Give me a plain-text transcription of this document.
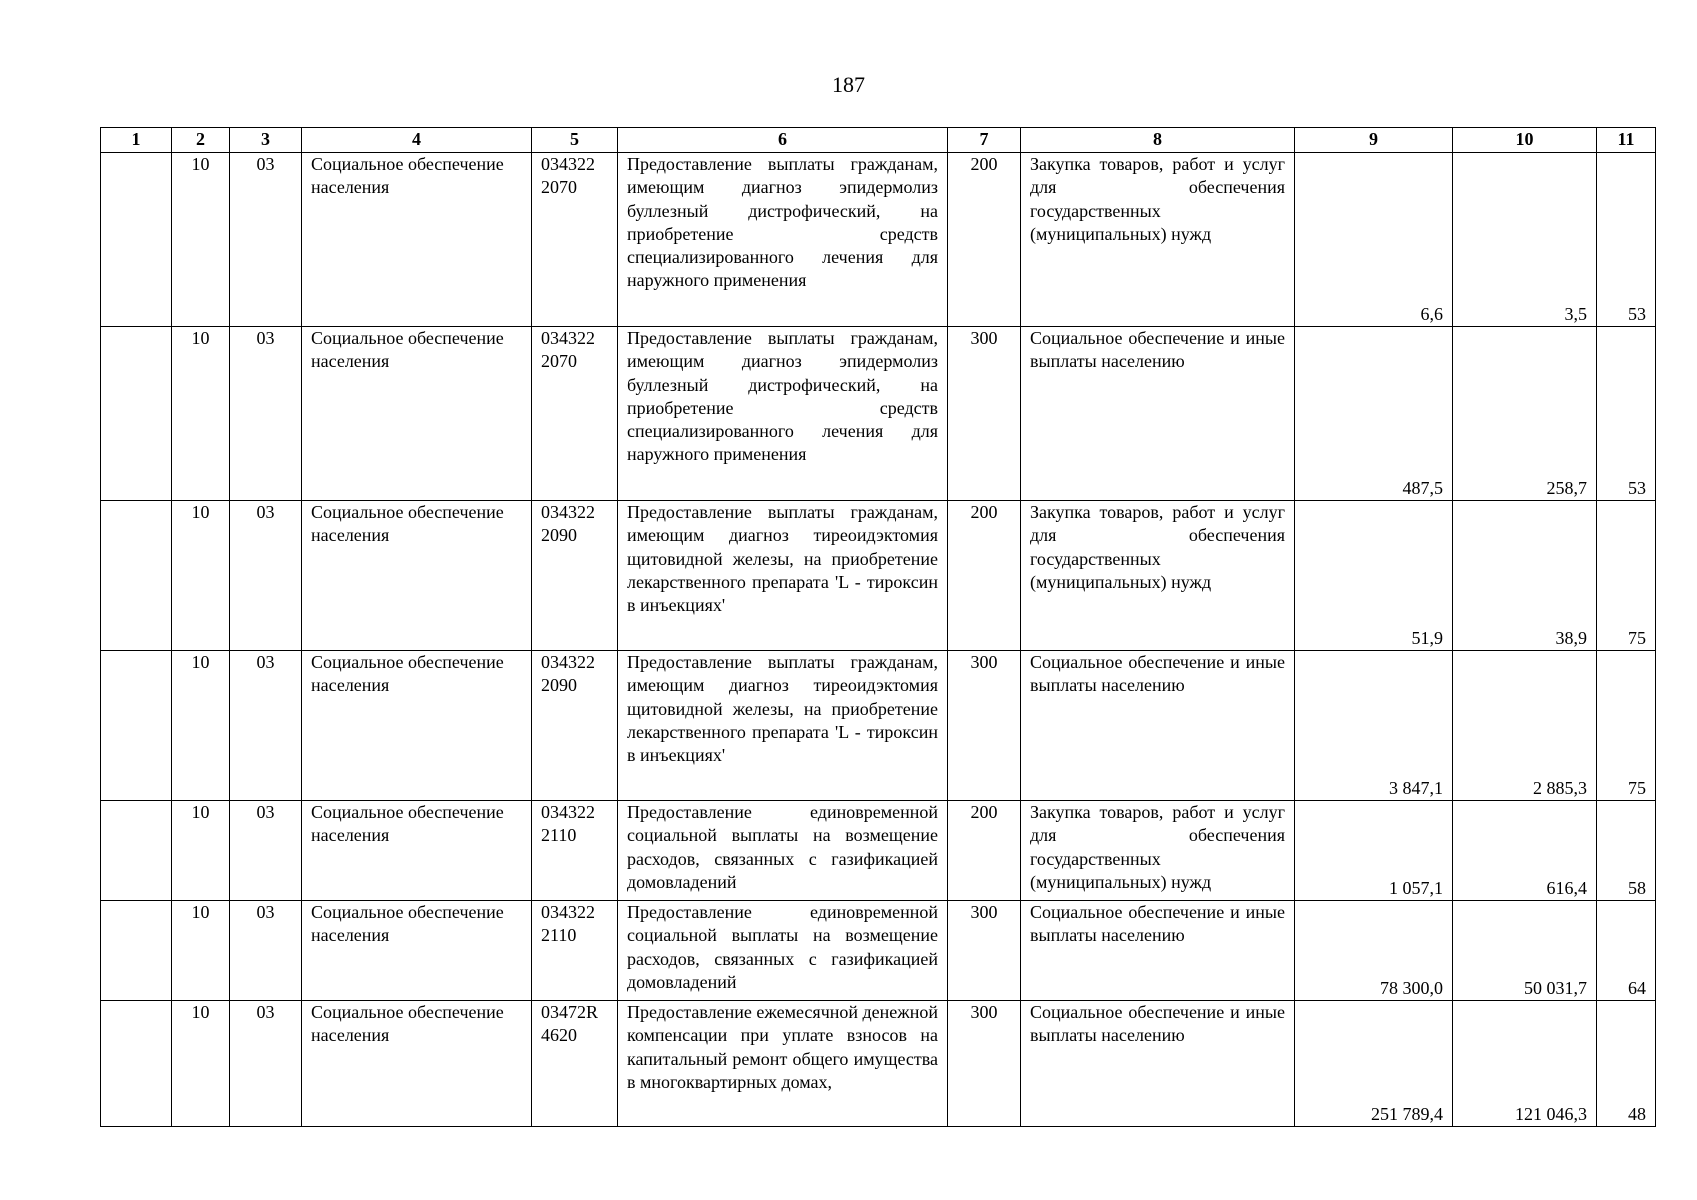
187
1	2	3	4	5	6	7	8	9	10	11
	10	03	Социальное обеспечение населения	034322 2070	Предоставление выплаты гражданам, имеющим диагноз эпидермолиз буллезный дистрофический, на приобретение средств специализированного лечения для наружного применения	200	Закупка товаров, работ и услуг для обеспечения государственных (муниципальных) нужд	6,6	3,5	53
	10	03	Социальное обеспечение населения	034322 2070	Предоставление выплаты гражданам, имеющим диагноз эпидермолиз буллезный дистрофический, на приобретение средств специализированного лечения для наружного применения	300	Социальное обеспечение и иные выплаты населению	487,5	258,7	53
	10	03	Социальное обеспечение населения	034322 2090	Предоставление выплаты гражданам, имеющим диагноз тиреоидэктомия щитовидной железы, на приобретение лекарственного препарата 'L - тироксин в инъекциях'	200	Закупка товаров, работ и услуг для обеспечения государственных (муниципальных) нужд	51,9	38,9	75
	10	03	Социальное обеспечение населения	034322 2090	Предоставление выплаты гражданам, имеющим диагноз тиреоидэктомия щитовидной железы, на приобретение лекарственного препарата 'L - тироксин в инъекциях'	300	Социальное обеспечение и иные выплаты населению	3 847,1	2 885,3	75
	10	03	Социальное обеспечение населения	034322 2110	Предоставление единовременной социальной выплаты на возмещение расходов, связанных с газификацией домовладений	200	Закупка товаров, работ и услуг для обеспечения государственных (муниципальных) нужд	1 057,1	616,4	58
	10	03	Социальное обеспечение населения	034322 2110	Предоставление единовременной социальной выплаты на возмещение расходов, связанных с газификацией домовладений	300	Социальное обеспечение и иные выплаты населению	78 300,0	50 031,7	64
	10	03	Социальное обеспечение населения	03472R 4620	Предоставление ежемесячной денежной компенсации при уплате взносов на капитальный ремонт общего имущества в многоквартирных домах,	300	Социальное обеспечение и иные выплаты населению	251 789,4	121 046,3	48
